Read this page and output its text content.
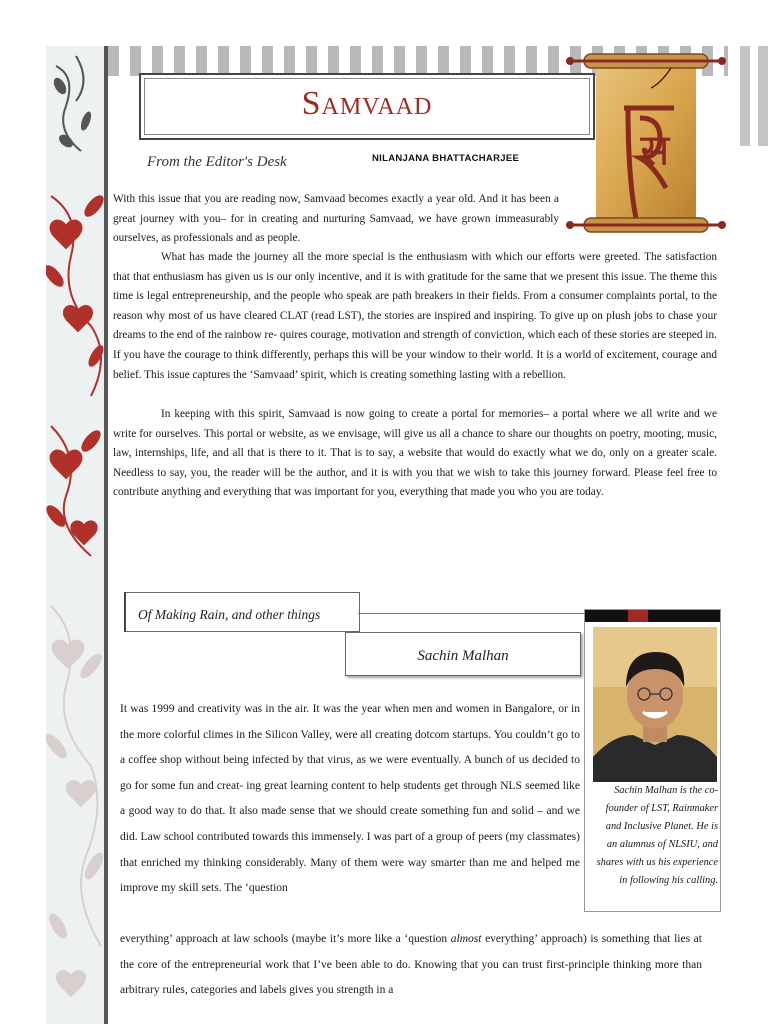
Samvaad
स
From the Editor's Desk	NILANJANA BHATTACHARJEE

With this issue that you are reading now, Samvaad becomes exactly a year old. And it has been a great journey with you– for in creating and nurturing Samvaad, we have grown immeasurably ourselves, as professionals and as people.

What has made the journey all the more special is the enthusiasm with which our efforts were greeted. The satisfaction that that enthusiasm has given us is our only incentive, and it is with gratitude for the same that we present this issue. The theme this time is legal entrepreneurship, and the people who speak are path breakers in their fields. From a consumer complaints portal, to the reason why most of us have cleared CLAT (read LST), the stories are inspired and inspiring. To give up on plush jobs to chase your dreams to the end of the rainbow re- quires courage, motivation and strength of conviction, which each of these stories are steeped in. If you have the courage to think differently, perhaps this will be your window to their world. It is a world of excitement, courage and belief. This issue captures the ‘Samvaad’ spirit, which is creating something lasting with a rebellion.

In keeping with this spirit, Samvaad is now going to create a portal for memories– a portal where we all write and we write for ourselves. This portal or website, as we envisage, will give us all a chance to share our thoughts on poetry, mooting, music, law, internships, life, and all that is there to it. That is to say, a website that would do exactly what we do, only on a greater scale. Needless to say, you, the reader will be the author, and it is with you that we wish to take this journey forward. Please feel free to contribute anything and everything that was important for you, everything that made you who you are today.

Of Making Rain, and other things
Sachin Malhan
Sachin Malhan is the co-founder of LST, Rainmaker and Inclusive Planet. He is an alumnus of NLSIU, and shares with us his experience in following his calling.

It was 1999 and creativity was in the air. It was the year when men and women in Bangalore, or in the more colorful climes in the Silicon Valley, were all creating dotcom startups. You couldn’t go to a coffee shop without being infected by that virus, as we were eventually. A bunch of us decided to go for some fun and creat- ing great learning content to help students get through NLS seemed like a good way to do that. It also made sense that we should create something fun and solid – and we did. Law school contributed towards this immensely. I was part of a group of peers (my classmates) that enriched my thinking considerably. Many of them were way smarter than me and helped me improve my skill sets. The ‘question

everything’ approach at law schools (maybe it’s more like a ‘question almost everything’ approach) is something that lies at the core of the entrepreneurial work that I’ve been able to do. Knowing that you can trust first-principle thinking more than arbitrary rules, categories and labels gives you strength in a
